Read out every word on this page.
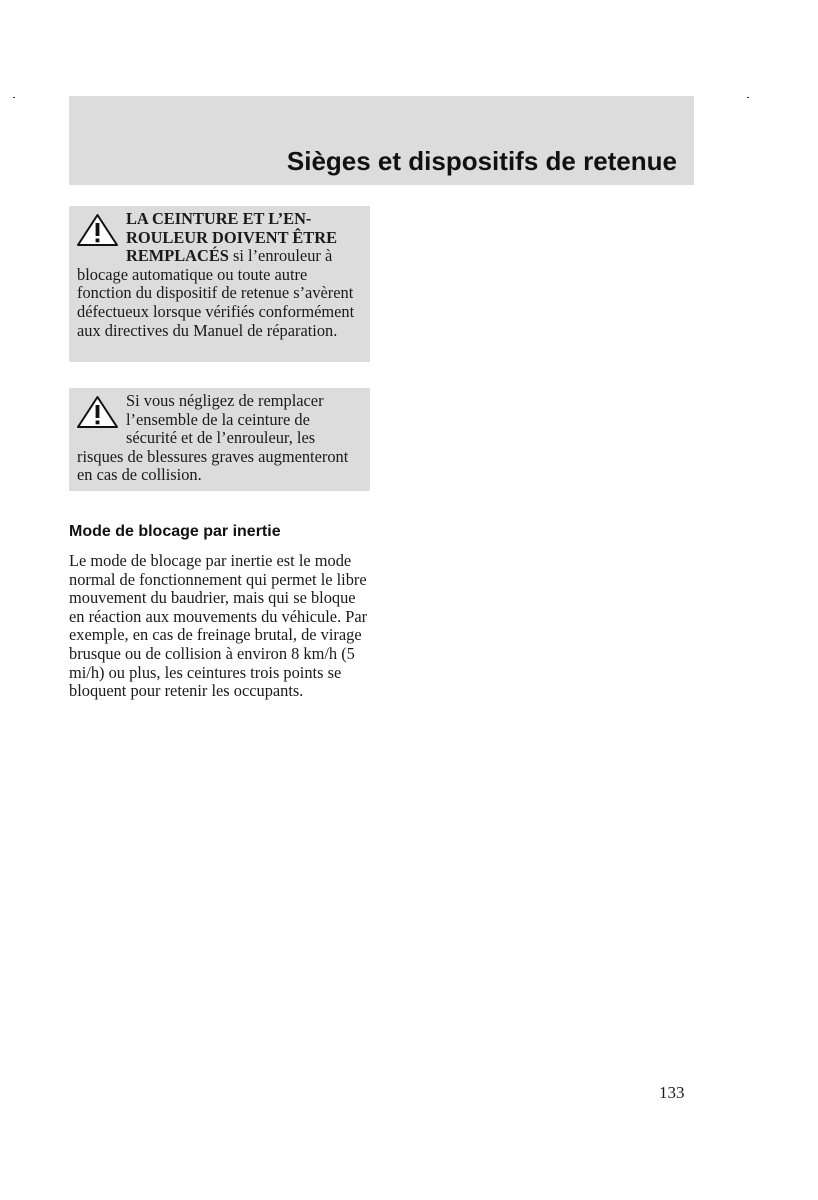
Sièges et dispositifs de retenue

LA CEINTURE ET L’EN-ROULEUR DOIVENT ÊTRE REMPLACÉS si l’enrouleur à blocage automatique ou toute autre fonction du dispositif de retenue s’avèrent défectueux lorsque vérifiés conformément aux directives du Manuel de réparation.

Si vous négligez de remplacer l’ensemble de la ceinture de sécurité et de l’enrouleur, les risques de blessures graves augmenteront en cas de collision.

Mode de blocage par inertie

Le mode de blocage par inertie est le mode normal de fonctionnement qui permet le libre mouvement du baudrier, mais qui se bloque en réaction aux mouvements du véhicule. Par exemple, en cas de freinage brutal, de virage brusque ou de collision à environ 8 km/h (5 mi/h) ou plus, les ceintures trois points se bloquent pour retenir les occupants.

133
